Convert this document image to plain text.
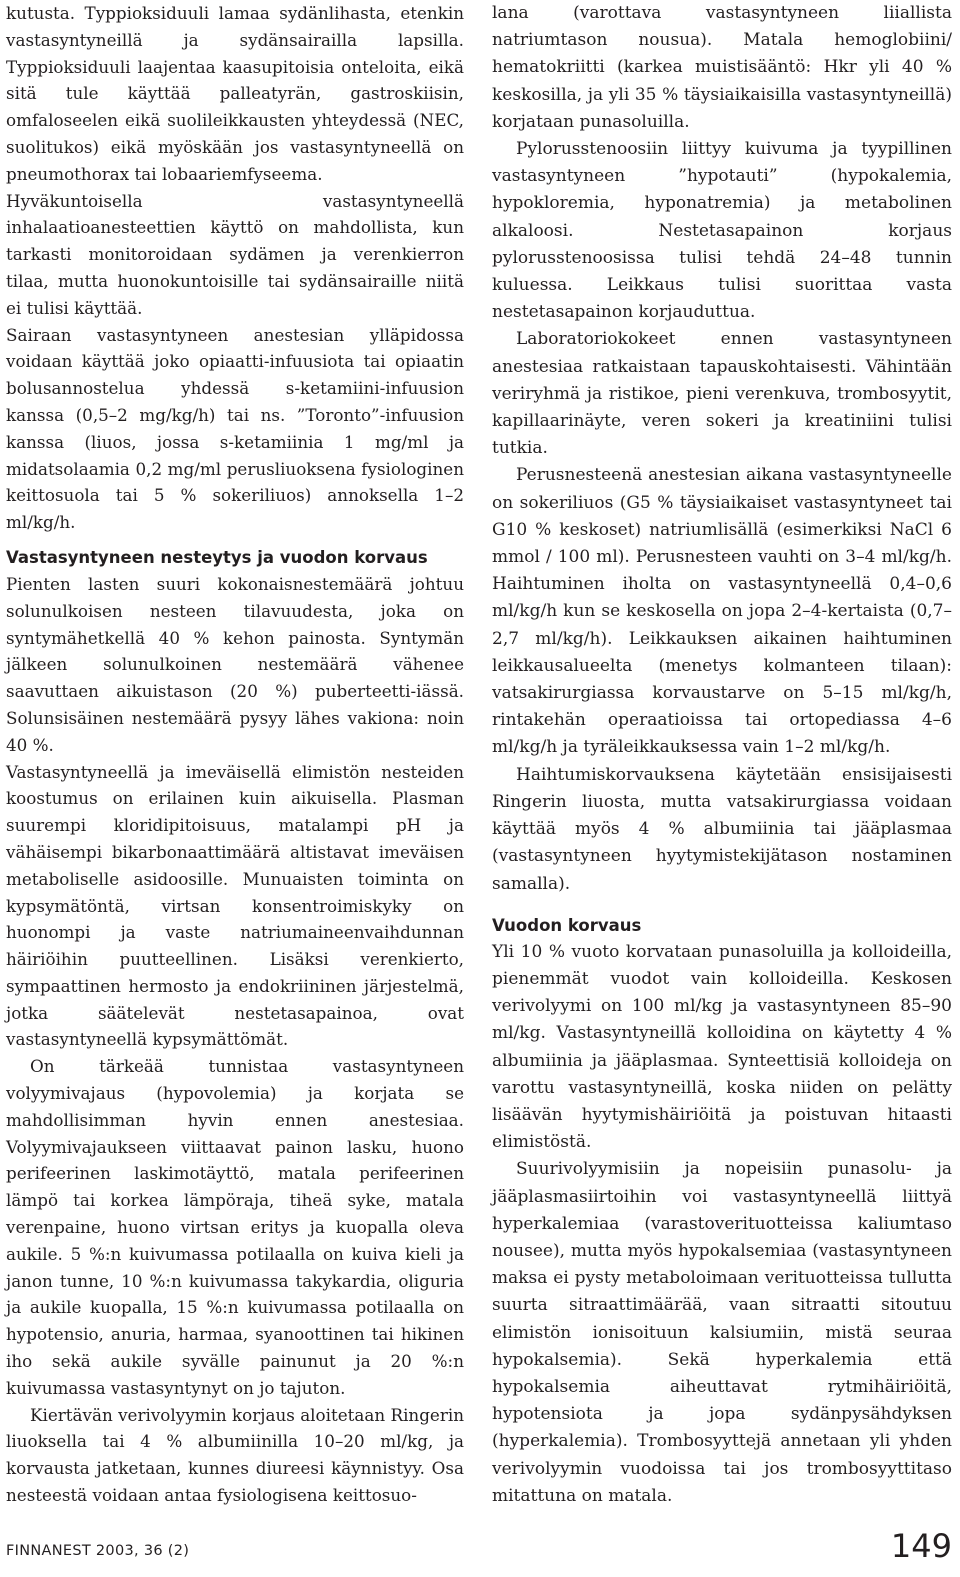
kutusta. Typpioksiduuli lamaa sydänlihasta, etenkin vastasyntyneillä ja sydänsairailla lapsilla. Typpioksiduuli laajentaa kaasupitoisia onteloita, eikä sitä tule käyttää palleatyrän, gastroskiisin, omfaloseelen eikä suolileikkausten yhteydessä (NEC, suolitukos) eikä myöskään jos vastasyntyneellä on pneumothorax tai lobaariemfyseema.

Hyväkuntoisella vastasyntyneellä inhalaatioanesteettien käyttö on mahdollista, kun tarkasti monitoroidaan sydämen ja verenkierron tilaa, mutta huonokuntoisille tai sydänsairaille niitä ei tulisi käyttää.

Sairaan vastasyntyneen anestesian ylläpidossa voidaan käyttää joko opiaatti-infuusiota tai opiaatin bolusannostelua yhdessä s-ketamiini-infuusion kanssa (0,5–2 mg/kg/h) tai ns. ”Toronto”-infuusion kanssa (liuos, jossa s-ketamiinia 1 mg/ml ja midatsolaamia 0,2 mg/ml perusliuoksena fysiologinen keittosuola tai 5 % sokeriliuos) annoksella 1–2 ml/kg/h.

Vastasyntyneen nesteytys ja vuodon korvaus

Pienten lasten suuri kokonaisnestemäärä johtuu solunulkoisen nesteen tilavuudesta, joka on syntymähetkellä 40 % kehon painosta. Syntymän jälkeen solunulkoinen nestemäärä vähenee saavuttaen aikuistason (20 %) puberteetti-iässä. Solunsisäinen nestemäärä pysyy lähes vakiona: noin 40 %.

Vastasyntyneellä ja imeväisellä elimistön nesteiden koostumus on erilainen kuin aikuisella. Plasman suurempi kloridipitoisuus, matalampi pH ja vähäisempi bikarbonaattimäärä altistavat imeväisen metaboliselle asidoosille. Munuaisten toiminta on kypsymätöntä, virtsan konsentroimiskyky on huonompi ja vaste natriumaineenvaihdunnan häiriöihin puutteellinen. Lisäksi verenkierto, sympaattinen hermosto ja endokriininen järjestelmä, jotka säätelevät nestetasapainoa, ovat vastasyntyneellä kypsymättömät.

On tärkeää tunnistaa vastasyntyneen volyymivajaus (hypovolemia) ja korjata se mahdollisimman hyvin ennen anestesiaa. Volyymivajaukseen viittaavat painon lasku, huono perifeerinen laskimotäyttö, matala perifeerinen lämpö tai korkea lämpöraja, tiheä syke, matala verenpaine, huono virtsan eritys ja kuopalla oleva aukile. 5 %:n kuivumassa potilaalla on kuiva kieli ja janon tunne, 10 %:n kuivumassa takykardia, oliguria ja aukile kuopalla, 15 %:n kuivumassa potilaalla on hypotensio, anuria, harmaa, syanoottinen tai hikinen iho sekä aukile syvälle painunut ja 20 %:n kuivumassa vastasyntynyt on jo tajuton.

Kiertävän verivolyymin korjaus aloitetaan Ringerin liuoksella tai 4 % albumiinilla 10–20 ml/kg, ja korvausta jatketaan, kunnes diureesi käynnistyy. Osa nesteestä voidaan antaa fysiologisena keittosuo-

lana (varottava vastasyntyneen liiallista natriumtason nousua). Matala hemoglobiini/ hematokriitti (karkea muistisääntö: Hkr yli 40 % keskosilla, ja yli 35 % täysiaikaisilla vastasyntyneillä) korjataan punasoluilla.

Pylorusstenoosiin liittyy kuivuma ja tyypillinen vastasyntyneen ”hypotauti” (hypokalemia, hypokloremia, hyponatremia) ja metabolinen alkaloosi. Nestetasapainon korjaus pylorusstenoosissa tulisi tehdä 24–48 tunnin kuluessa. Leikkaus tulisi suorittaa vasta nestetasapainon korjauduttua.

Laboratoriokokeet ennen vastasyntyneen anestesiaa ratkaistaan tapauskohtaisesti. Vähintään veriryhmä ja ristikoe, pieni verenkuva, trombosyytit, kapillaarinäyte, veren sokeri ja kreatiniini tulisi tutkia.

Perusnesteenä anestesian aikana vastasyntyneelle on sokeriliuos (G5 % täysiaikaiset vastasyntyneet tai G10 % keskoset) natriumlisällä (esimerkiksi NaCl 6 mmol / 100 ml). Perusnesteen vauhti on 3–4 ml/kg/h. Haihtuminen iholta on vastasyntyneellä 0,4–0,6 ml/kg/h kun se keskosella on jopa 2–4-kertaista (0,7–2,7 ml/kg/h). Leikkauksen aikainen haihtuminen leikkausalueelta (menetys kolmanteen tilaan): vatsakirurgiassa korvaustarve on 5–15 ml/kg/h, rintakehän operaatioissa tai ortopediassa 4–6 ml/kg/h ja tyräleikkauksessa vain 1–2 ml/kg/h.

Haihtumiskorvauksena käytetään ensisijaisesti Ringerin liuosta, mutta vatsakirurgiassa voidaan käyttää myös 4 % albumiinia tai jääplasmaa (vastasyntyneen hyytymistekijätason nostaminen samalla).

Vuodon korvaus

Yli 10 % vuoto korvataan punasoluilla ja kolloideilla, pienemmät vuodot vain kolloideilla. Keskosen verivolyymi on 100 ml/kg ja vastasyntyneen 85–90 ml/kg. Vastasyntyneillä kolloidina on käytetty 4 % albumiinia ja jääplasmaa. Synteettisiä kolloideja on varottu vastasyntyneillä, koska niiden on pelätty lisäävän hyytymishäiriöitä ja poistuvan hitaasti elimistöstä.

Suurivolyymisiin ja nopeisiin punasolu- ja jääplasmasiirtoihin voi vastasyntyneellä liittyä hyperkalemiaa (varastoverituotteissa kaliumtaso nousee), mutta myös hypokalsemiaa (vastasyntyneen maksa ei pysty metaboloimaan verituotteissa tullutta suurta sitraattimäärää, vaan sitraatti sitoutuu elimistön ionisoituun kalsiumiin, mistä seuraa hypokalsemia). Sekä hyperkalemia että hypokalsemia aiheuttavat rytmihäiriöitä, hypotensiota ja jopa sydänpysähdyksen (hyperkalemia). Trombosyyttejä annetaan yli yhden verivolyymin vuodoissa tai jos trombosyyttitaso mitattuna on matala.

FINNANEST 2003, 36 (2)	149
